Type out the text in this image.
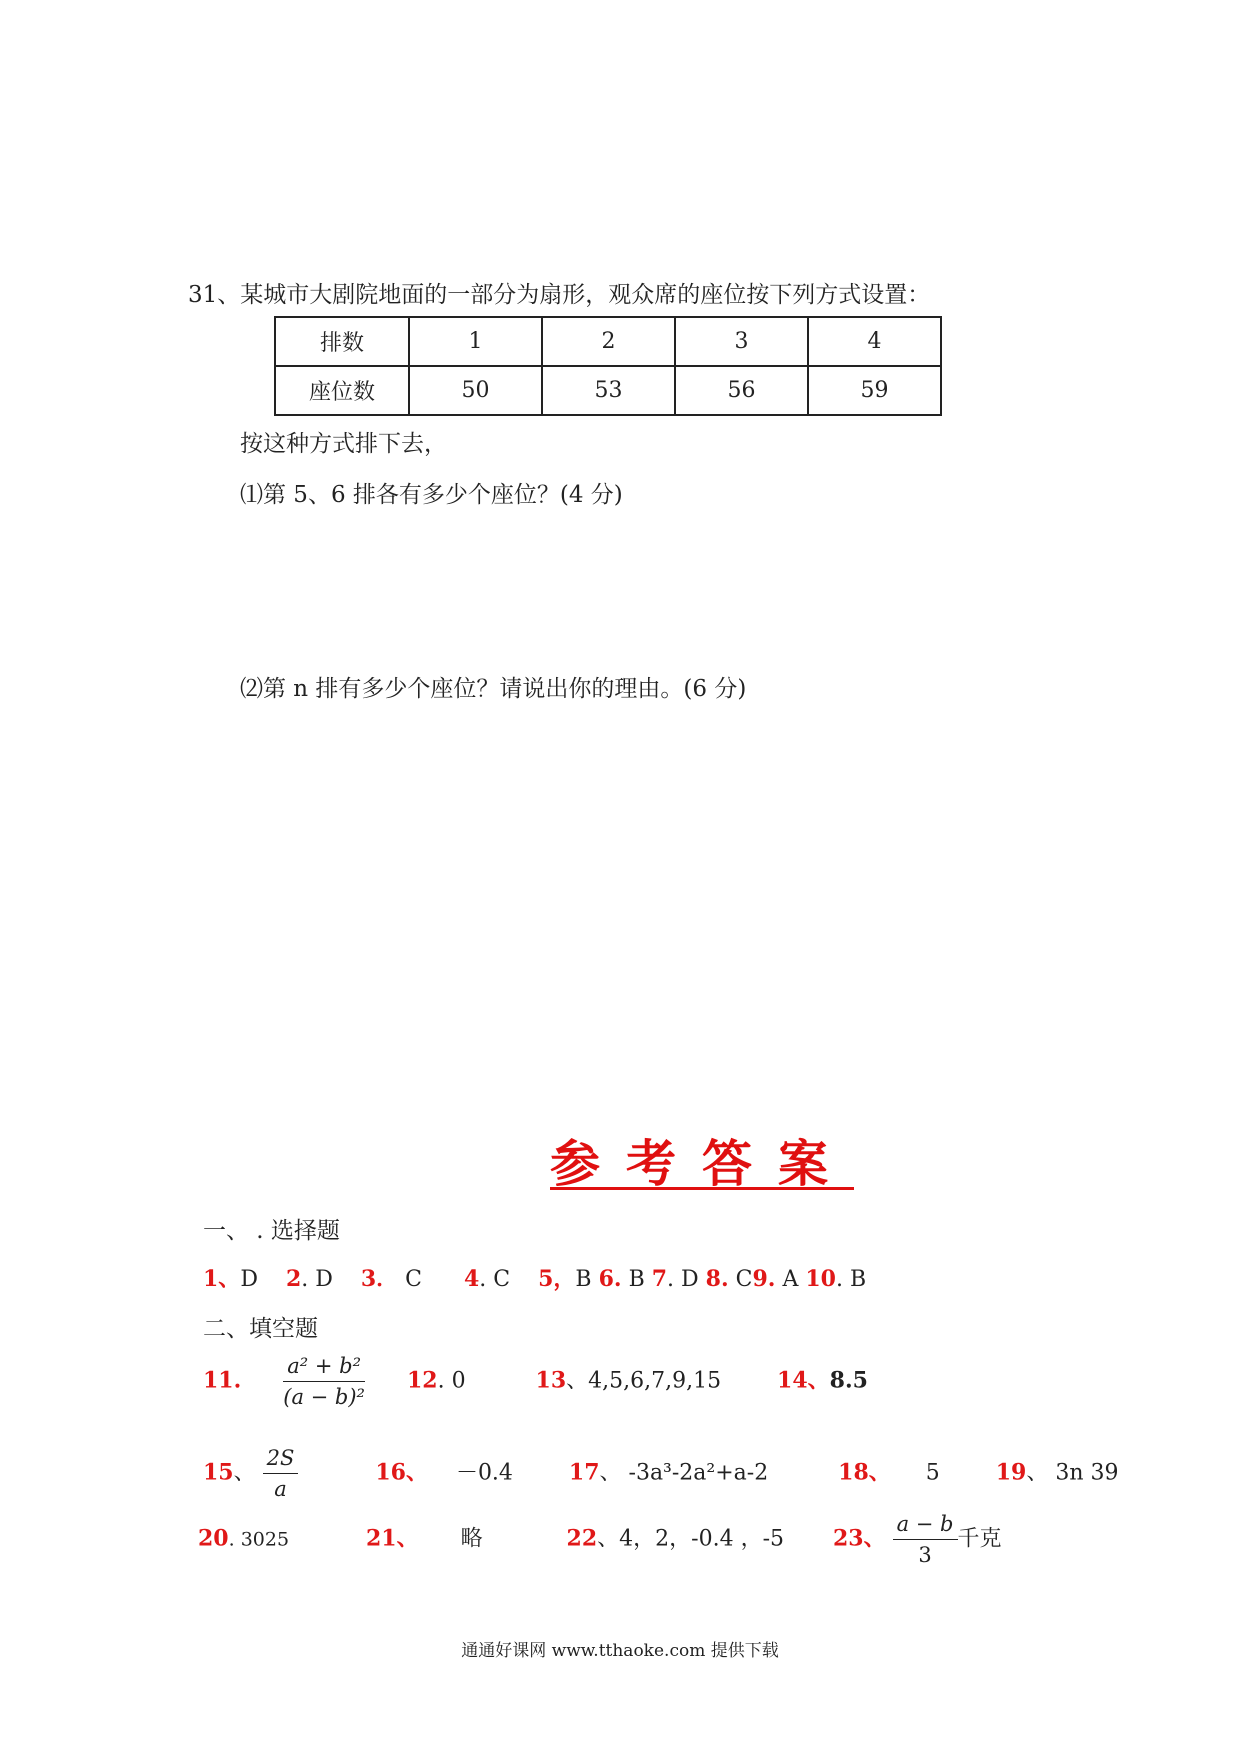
31、某城市大剧院地面的一部分为扇形，观众席的座位按下列方式设置：
排数	1	2	3	4
座位数	50	53	56	59
按这种方式排下去，
⑴第 5、6 排各有多少个座位？(4 分)
⑵第 n 排有多少个座位？请说出你的理由。(6 分)
参考答案
一、 . 选择题
1、D 2. D 3． C 4. C 5，B 6. B 7. D 8. C9. A 10. B
二、填空题
11. $\frac{\text{a² + b²}}{\text{(a − b)²}} 12$. 0	13、4,5,6,7,9,15	14、8.5
15、 $\frac{2S}{a}$	16、 －0.4	17、 -3a³-2a²+a-2	18、 5	19、 3n 39
20. 3025	21、 略	22、4，2，-0.4 ，-5 23、 $\frac{a - b}{3}$ 千克
通通好课网 www.tthaoke.com 提供下载
